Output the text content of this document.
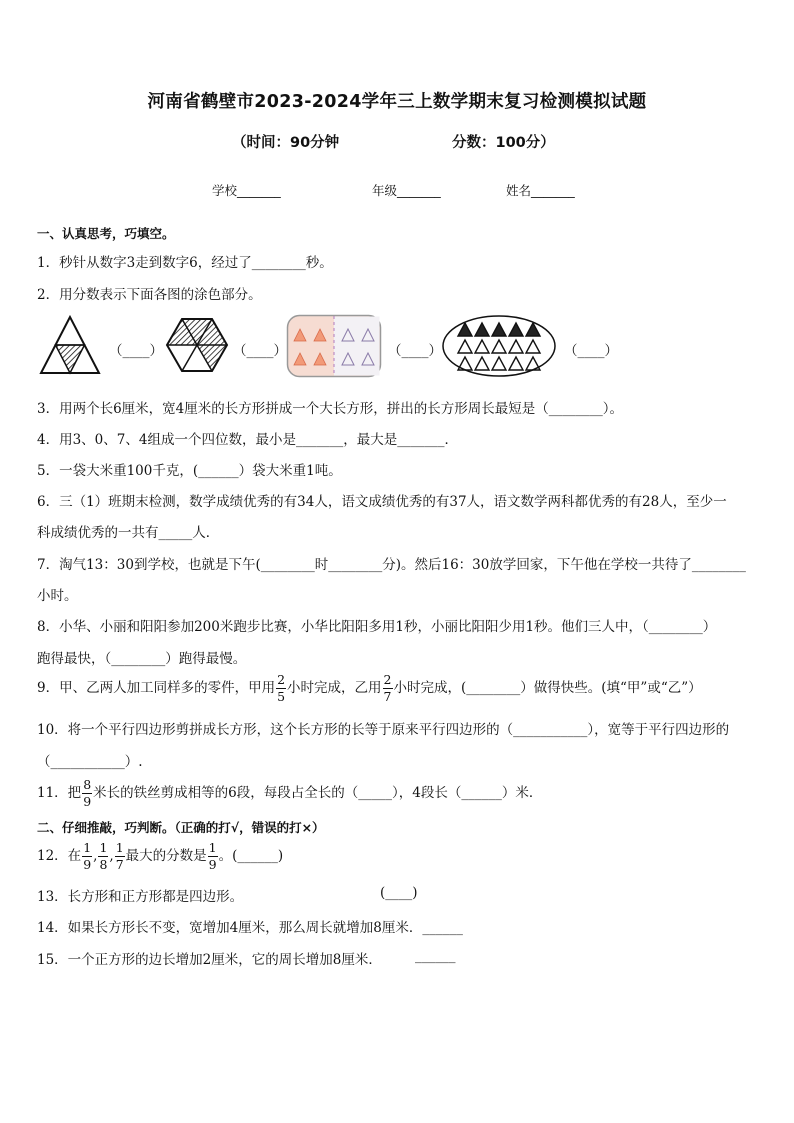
河南省鹤壁市2023-2024学年三上数学期末复习检测模拟试题
（时间：90分钟	分数：100分）
学校_______	年级_______	姓名_______
一、认真思考，巧填空。
1．秒针从数字3走到数字6，经过了________秒。
2．用分数表示下面各图的涂色部分。
（____）	（____）	（____）	（____）
3．用两个长6厘米，宽4厘米的长方形拼成一个大长方形，拼出的长方形周长最短是（________）。
4．用3、0、7、4组成一个四位数，最小是_______，最大是_______．
5．一袋大米重100千克，(______）袋大米重1吨。
6．三（1）班期末检测，数学成绩优秀的有34人，语文成绩优秀的有37人，语文数学两科都优秀的有28人，至少一
科成绩优秀的一共有_____人．
7．淘气13：30到学校，也就是下午(________时________分)。然后16：30放学回家，下午他在学校一共待了________
小时。
8．小华、小丽和阳阳参加200米跑步比赛，小华比阳阳多用1秒，小丽比阳阳少用1秒。他们三人中，（________）
跑得最快，（________）跑得最慢。
9．甲、乙两人加工同样多的零件，甲用 $\frac{2}{5}$ 小时完成，乙用 $\frac{2}{7}$ 小时完成，(________）做得快些。(填“甲”或“乙”）
10．将一个平行四边形剪拼成长方形，这个长方形的长等于原来平行四边形的（___________），宽等于平行四边形的
（___________）.
11．把 $\frac{8}{9}$ 米长的铁丝剪成相等的6段，每段占全长的（_____），4段长（______）米．
二、仔细推敲，巧判断。（正确的打√，错误的打×）
12．在 $\frac{1}{9}$ , $\frac{1}{8}$ , $\frac{1}{7}$ 最大的分数是 $\frac{1}{9}$ 。(______)
13．长方形和正方形都是四边形。	(____)
14．如果长方形长不变，宽增加4厘米，那么周长就增加8厘米．______
15．一个正方形的边长增加2厘米，它的周长增加8厘米． ______
